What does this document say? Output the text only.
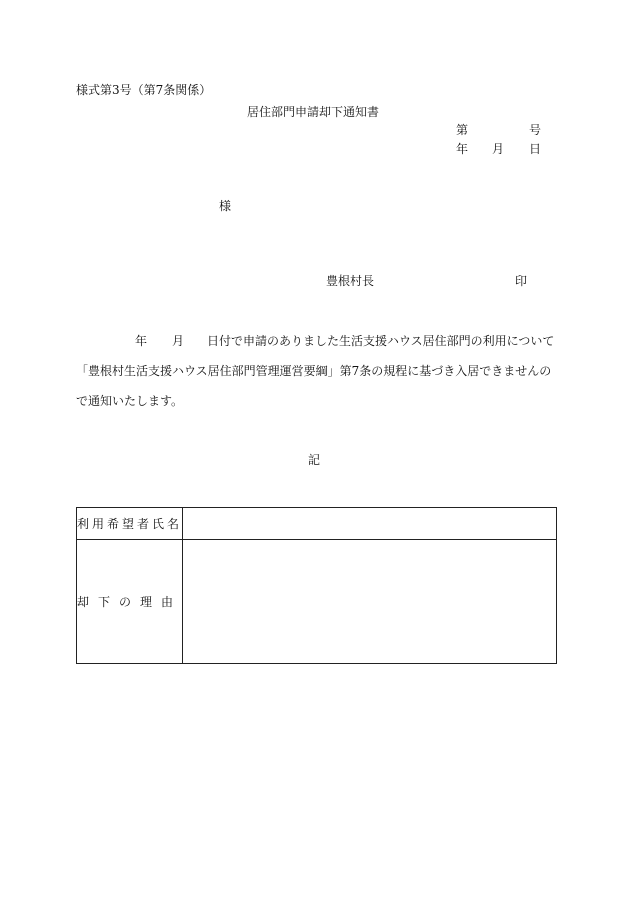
様式第3号（第7条関係）
居住部門申請却下通知書
第	号
年 月 日
様
豊根村長	印
年 月 日付で申請のありました生活支援ハウス居住部門の利用について
「豊根村生活支援ハウス居住部門管理運営要綱」第7条の規程に基づき入居できませんの
で通知いたします。
記
利用希望者氏名	
却下の理由	
